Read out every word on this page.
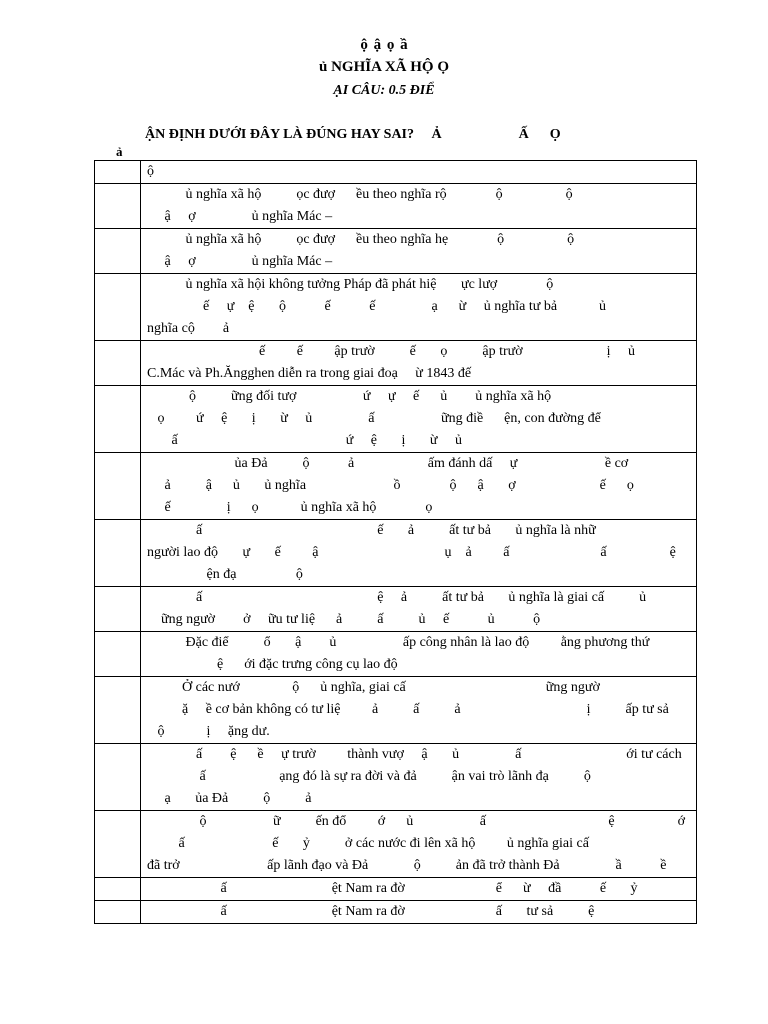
ộ ậ ọ ầ
ủ NGHĨA XÃ HỘ Ọ
ẠI CÂU: 0.5 ĐIỂ
ẬN ĐỊNH DƯỚI ĐÂY LÀ ĐÚNG HAY SAI?     Ả                      Ấ      Ọ
ả
	ộ

	ủ nghĩa xã hộ          ọc đượ      ều theo nghĩa rộ              ộ                  ộ
ậ     ợ                ủ nghĩa Mác –

	ủ nghĩa xã hộ          ọc đượ      ều theo nghĩa hẹ              ộ                  ộ
ậ     ợ                ủ nghĩa Mác –

	ủ nghĩa xã hội không tưởng Pháp đã phát hiệ       ực lượ              ộ
ế     ự    ệ       ộ           ế           ế                ạ      ừ     ủ nghĩa tư bả            ủ
nghĩa cộ        ả

	ế         ế         ập trườ          ế       ọ          ập trườ                        ị     ủ
C.Mác và Ph.Ăngghen diễn ra trong giai đoạ     ừ 1843 đế

	ộ          ững đối tượ                   ứ     ự     ế      ủ        ủ nghĩa xã hộ
ọ         ứ     ệ       ị       ừ     ủ                ấ                   ững điề      ện, con đường để
ấ                                                ứ     ệ       ị       ừ     ủ

	ủa Đả          ộ           ả                     ấm đánh dấ     ự                         ề cơ
ả          ậ      ủ       ủ nghĩa                         ồ              ộ      ậ       ợ                        ế      ọ
ế                ị      ọ            ủ nghĩa xã hộ              ọ

	ấ                                                  ế       ả          ất tư bả       ủ nghĩa là nhữ
người lao độ       ự       ế         ậ                                    ụ    ả         ấ                          ấ                  ệ
ện đạ                 ộ

	ấ                                                  ệ     ả          ất tư bả       ủ nghĩa là giai cấ          ủ
ững ngườ        ở     ữu tư liệ      ả          ấ          ủ     ế           ủ           ộ

	Đặc điể          ổ       ậ        ủ                   ấp công nhân là lao độ         ằng phương thứ
ệ      ới đặc trưng công cụ lao độ

	Ở các nướ               ộ      ủ nghĩa, giai cấ                                        ững ngườ
ặ     ề cơ bản không có tư liệ         ả          ấ          ả                                    ị          ấp tư sả
ộ            ị     ặng dư.

	ấ        ệ      ề     ự trườ         thành vượ     ậ       ủ                ấ                              ới tư cách
ấ                     ạng đó là sự ra đời và đả          ận vai trò lãnh đạ          ộ
ạ       ủa Đả          ộ          ả

	ộ                   ữ          ến đổ         ớ      ủ                   ấ                                   ệ                  ớ
ấ                         ế       ỷ          ở các nước đi lên xã hộ         ủ nghĩa giai cấ
đã trở                         ấp lãnh đạo và Đả             ộ          ản đã trở thành Đả                ầ           ề

	ấ                              ệt Nam ra đờ                          ể      ừ     đầ           ế       ỷ

	ấ                              ệt Nam ra đờ                          ấ       tư sả          ệ
